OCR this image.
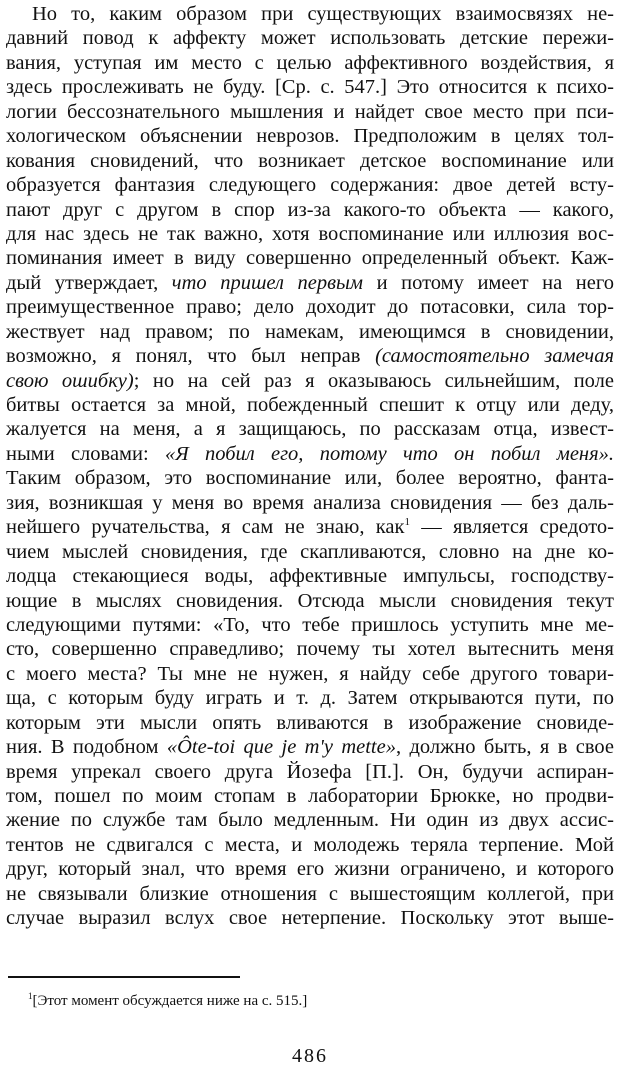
Но то, каким образом при существующих взаимосвязях не-
давний повод к аффекту может использовать детские пережи-
вания, уступая им место с целью аффективного воздействия, я
здесь прослеживать не буду. [Ср. с. 547.] Это относится к психо-
логии бессознательного мышления и найдет свое место при пси-
хологическом объяснении неврозов. Предположим в целях тол-
кования сновидений, что возникает детское воспоминание или
образуется фантазия следующего содержания: двое детей всту-
пают друг с другом в спор из-за какого-то объекта — какого,
для нас здесь не так важно, хотя воспоминание или иллюзия вос-
поминания имеет в виду совершенно определенный объект. Каж-
дый утверждает, что пришел первым и потому имеет на него
преимущественное право; дело доходит до потасовки, сила тор-
жествует над правом; по намекам, имеющимся в сновидении,
возможно, я понял, что был неправ (самостоятельно замечая
свою ошибку); но на сей раз я оказываюсь сильнейшим, поле
битвы остается за мной, побежденный спешит к отцу или деду,
жалуется на меня, а я защищаюсь, по рассказам отца, извест-
ными словами: «Я побил его, потому что он побил меня».
Таким образом, это воспоминание или, более вероятно, фанта-
зия, возникшая у меня во время анализа сновидения — без даль-
нейшего ручательства, я сам не знаю, как$^1$ — является средото-
чием мыслей сновидения, где скапливаются, словно на дне ко-
лодца стекающиеся воды, аффективные импульсы, господству-
ющие в мыслях сновидения. Отсюда мысли сновидения текут
следующими путями: «То, что тебе пришлось уступить мне ме-
сто, совершенно справедливо; почему ты хотел вытеснить меня
с моего места? Ты мне не нужен, я найду себе другого товари-
ща, с которым буду играть и т. д. Затем открываются пути, по
которым эти мысли опять вливаются в изображение сновиде-
ния. В подобном «Ôte-toi que je m'y mette», должно быть, я в свое
время упрекал своего друга Йозефа [П.]. Он, будучи аспиран-
том, пошел по моим стопам в лаборатории Брюкке, но продви-
жение по службе там было медленным. Ни один из двух ассис-
тентов не сдвигался с места, и молодежь теряла терпение. Мой
друг, который знал, что время его жизни ограничено, и которого
не связывали близкие отношения с вышестоящим коллегой, при
случае выразил вслух свое нетерпение. Поскольку этот выше-
$^1$[Этот момент обсуждается ниже на с. 515.]
486
